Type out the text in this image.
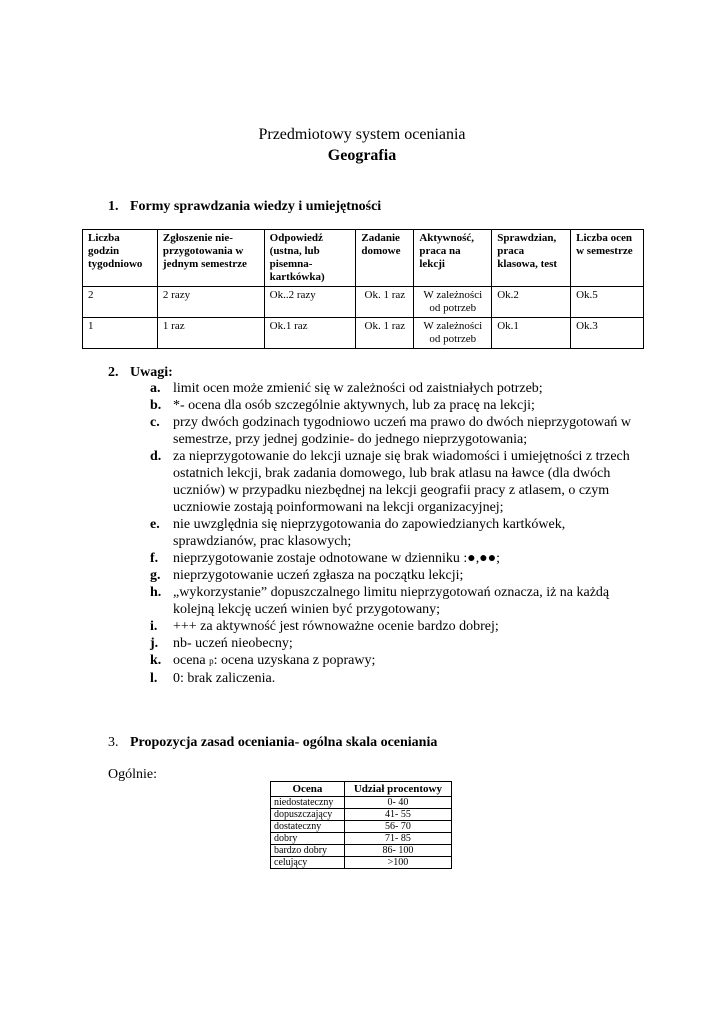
Przedmiotowy system oceniania
Geografia
1. Formy sprawdzania wiedzy i umiejętności
Liczba godzin tygodniowo	Zgłoszenie nie-przygotowania w jednym semestrze	Odpowiedź (ustna, lub pisemna-kartkówka)	Zadanie domowe	Aktywność, praca na lekcji	Sprawdzian, praca klasowa, test	Liczba ocen w semestrze
2	2 razy	Ok..2 razy	Ok. 1 raz	W zależności od potrzeb	Ok.2	Ok.5
1	1 raz	Ok.1 raz	Ok. 1 raz	W zależności od potrzeb	Ok.1	Ok.3
2. Uwagi:
a. limit ocen może zmienić się w zależności od zaistniałych potrzeb;
b. *- ocena dla osób szczególnie aktywnych, lub za pracę na lekcji;
c. przy dwóch godzinach tygodniowo uczeń ma prawo do dwóch nieprzygotowań w semestrze, przy jednej godzinie- do jednego nieprzygotowania;
d. za nieprzygotowanie do lekcji uznaje się brak wiadomości i umiejętności z trzech ostatnich lekcji, brak zadania domowego, lub brak atlasu na ławce (dla dwóch uczniów) w przypadku niezbędnej na lekcji geografii pracy z atlasem, o czym uczniowie zostają poinformowani na lekcji organizacyjnej;
e. nie uwzględnia się nieprzygotowania do zapowiedzianych kartkówek, sprawdzianów, prac klasowych;
f. nieprzygotowanie zostaje odnotowane w dzienniku :●,●●;
g. nieprzygotowanie uczeń zgłasza na początku lekcji;
h. „wykorzystanie” dopuszczalnego limitu nieprzygotowań oznacza, iż na każdą kolejną lekcję uczeń winien być przygotowany;
i. +++ za aktywność jest równoważne ocenie bardzo dobrej;
j. nb- uczeń nieobecny;
k. ocena p: ocena uzyskana z poprawy;
l. 0: brak zaliczenia.
3. Propozycja zasad oceniania- ogólna skala oceniania
Ogólnie:
Ocena	Udział procentowy
niedostateczny	0- 40
dopuszczający	41- 55
dostateczny	56- 70
dobry	71- 85
bardzo dobry	86- 100
celujący	>100
